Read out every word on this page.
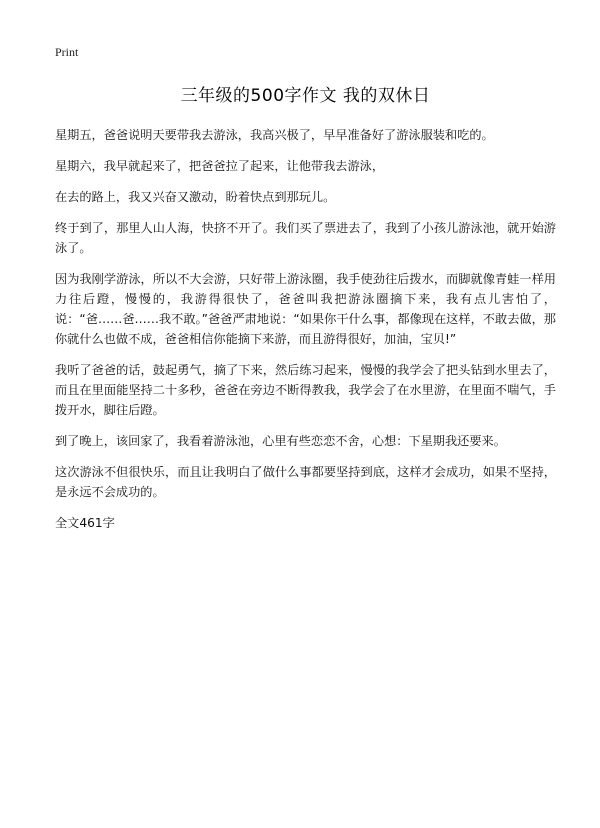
Print
三年级的500字作文 我的双休日

星期五，爸爸说明天要带我去游泳，我高兴极了，早早准备好了游泳服装和吃的。

星期六，我早就起来了，把爸爸拉了起来，让他带我去游泳，

在去的路上，我又兴奋又激动，盼着快点到那玩儿。

终于到了，那里人山人海，快挤不开了。我们买了票进去了，我到了小孩儿游泳池，就开始游泳了。

因为我刚学游泳，所以不大会游，只好带上游泳圈，我手使劲往后拨水，而脚就像青蛙一样用力往后蹬，慢慢的，我游得很快了，爸爸叫我把游泳圈摘下来，我有点儿害怕了，说：“爸……爸……我不敢。”爸爸严肃地说：“如果你干什么事，都像现在这样，不敢去做，那你就什么也做不成，爸爸相信你能摘下来游，而且游得很好，加油，宝贝!”

我听了爸爸的话，鼓起勇气，摘了下来，然后练习起来，慢慢的我学会了把头钻到水里去了，而且在里面能坚持二十多秒，爸爸在旁边不断得教我，我学会了在水里游，在里面不喘气，手拨开水，脚往后蹬。

到了晚上，该回家了，我看着游泳池，心里有些恋恋不舍，心想：下星期我还要来。

这次游泳不但很快乐，而且让我明白了做什么事都要坚持到底，这样才会成功，如果不坚持，是永远不会成功的。

全文461字
